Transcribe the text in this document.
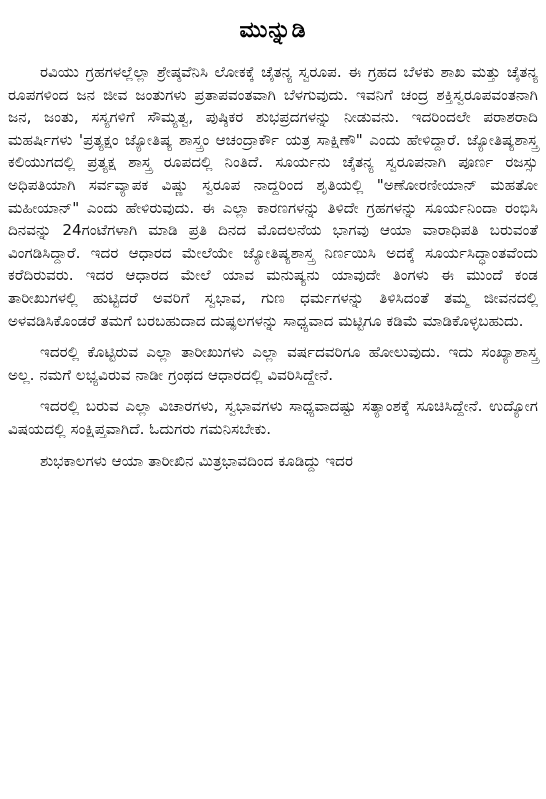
ಮುನ್ನುಡಿ

ರವಿಯು ಗ್ರಹಗಳಲ್ಲೆಲ್ಲಾ ಶ್ರೇಷ್ಠವೆನಿಸಿ ಲೋಕಕ್ಕೆ ಚೈತನ್ಯ ಸ್ವರೂಪ. ಈ ಗ್ರಹದ ಬೆಳಕು ಶಾಖ ಮತ್ತು ಚೈತನ್ಯ ರೂಪಗಳಿಂದ ಜನ ಜೀವ ಜಂತುಗಳು ಪ್ರತಾಪವಂತವಾಗಿ ಬೆಳಗುವುದು. ಇವನಿಗೆ ಚಂದ್ರ ಶಕ್ತಿಸ್ವರೂಪವಂತನಾಗಿ ಜನ, ಜಂತು, ಸಸ್ಯಗಳಿಗೆ ಸೌಮ್ಯತ್ವ, ಪುಷ್ಠಿಕರ ಶುಭಪ್ರದಗಳನ್ನು ನೀಡುವನು. ಇದರಿಂದಲೇ ಪರಾಶರಾದಿ ಮಹರ್ಷಿಗಳು 'ಪ್ರತ್ಯಕ್ಷಂ ಜ್ಯೋತಿಷ್ಯ ಶಾಸ್ತ್ರಂ ಆಚಂದ್ರಾರ್ಕೌ ಯತ್ರ ಸಾಕ್ಷಿಣೌ" ಎಂದು ಹೇಳಿದ್ದಾರೆ. ಜ್ಯೋತಿಷ್ಯಶಾಸ್ತ್ರ ಕಲಿಯುಗದಲ್ಲಿ ಪ್ರತ್ಯಕ್ಷ ಶಾಸ್ತ್ರ ರೂಪದಲ್ಲಿ ನಿಂತಿದೆ. ಸೂರ್ಯನು ಚೈತನ್ಯ ಸ್ವರೂಪನಾಗಿ ಪೂರ್ಣ ರಜಸ್ಸು ಅಧಿಪತಿಯಾಗಿ ಸರ್ವವ್ಯಾಪಕ ವಿಷ್ಣು ಸ್ವರೂಪ ನಾದ್ದರಿಂದ ಶೃತಿಯಲ್ಲಿ "ಅಣೋರಣೀಯಾನ್ ಮಹತೋ ಮಹೀಯಾನ್" ಎಂದು ಹೇಳಿರುವುದು. ಈ ಎಲ್ಲಾ ಕಾರಣಗಳನ್ನು ತಿಳಿದೇ ಗ್ರಹಗಳನ್ನು ಸೂರ್ಯನಿಂದಾ ರಂಭಿಸಿ ದಿನವನ್ನು 24ಗಂಟೆಗಳಾಗಿ ಮಾಡಿ ಪ್ರತಿ ದಿನದ ಮೊದಲನೆಯ ಭಾಗವು ಆಯಾ ವಾರಾಧಿಪತಿ ಬರುವಂತೆ ವಿಂಗಡಿಸಿದ್ದಾರೆ. ಇದರ ಆಧಾರದ ಮೇಲೆಯೇ ಜ್ಯೋತಿಷ್ಯಶಾಸ್ತ್ರ ನಿರ್ಣಯಿಸಿ ಅದಕ್ಕೆ ಸೂರ್ಯಸಿದ್ಧಾಂತವೆಂದು ಕರೆದಿರುವರು. ಇದರ ಆಧಾರದ ಮೇಲೆ ಯಾವ ಮನುಷ್ಯನು ಯಾವುದೇ ತಿಂಗಳು ಈ ಮುಂದೆ ಕಂಡ ತಾರೀಖುಗಳಲ್ಲಿ ಹುಟ್ಟಿದರೆ ಅವರಿಗೆ ಸ್ವಭಾವ, ಗುಣ ಧರ್ಮಗಳನ್ನು ತಿಳಿಸಿದಂತೆ ತಮ್ಮ ಜೀವನದಲ್ಲಿ ಅಳವಡಿಸಿಕೊಂಡರೆ ತಮಗೆ ಬರಬಹುದಾದ ದುಷ್ಫಲಗಳನ್ನು ಸಾಧ್ಯವಾದ ಮಟ್ಟಿಗೂ ಕಡಿಮೆ ಮಾಡಿಕೊಳ್ಳಬಹುದು.

ಇದರಲ್ಲಿ ಕೊಟ್ಟಿರುವ ಎಲ್ಲಾ ತಾರೀಖುಗಳು ಎಲ್ಲಾ ವರ್ಷದವರಿಗೂ ಹೋಲುವುದು. ಇದು ಸಂಖ್ಯಾಶಾಸ್ತ್ರ ಅಲ್ಲ. ನಮಗೆ ಲಭ್ಯವಿರುವ ನಾಡೀ ಗ್ರಂಥದ ಆಧಾರದಲ್ಲಿ ವಿವರಿಸಿದ್ದೇನೆ.

ಇದರಲ್ಲಿ ಬರುವ ಎಲ್ಲಾ ವಿಚಾರಗಳು, ಸ್ವಭಾವಗಳು ಸಾಧ್ಯವಾದಷ್ಟು ಸತ್ಯಾಂಶಕ್ಕೆ ಸೂಚಿಸಿದ್ದೇನೆ. ಉದ್ಯೋಗ ವಿಷಯದಲ್ಲಿ ಸಂಕ್ಷಿಪ್ತವಾಗಿದೆ. ಓದುಗರು ಗಮನಿಸಬೇಕು.

ಶುಭಕಾಲಗಳು ಆಯಾ ತಾರೀಖಿನ ಮಿತ್ರಭಾವದಿಂದ ಕೂಡಿದ್ದು ಇದರ
